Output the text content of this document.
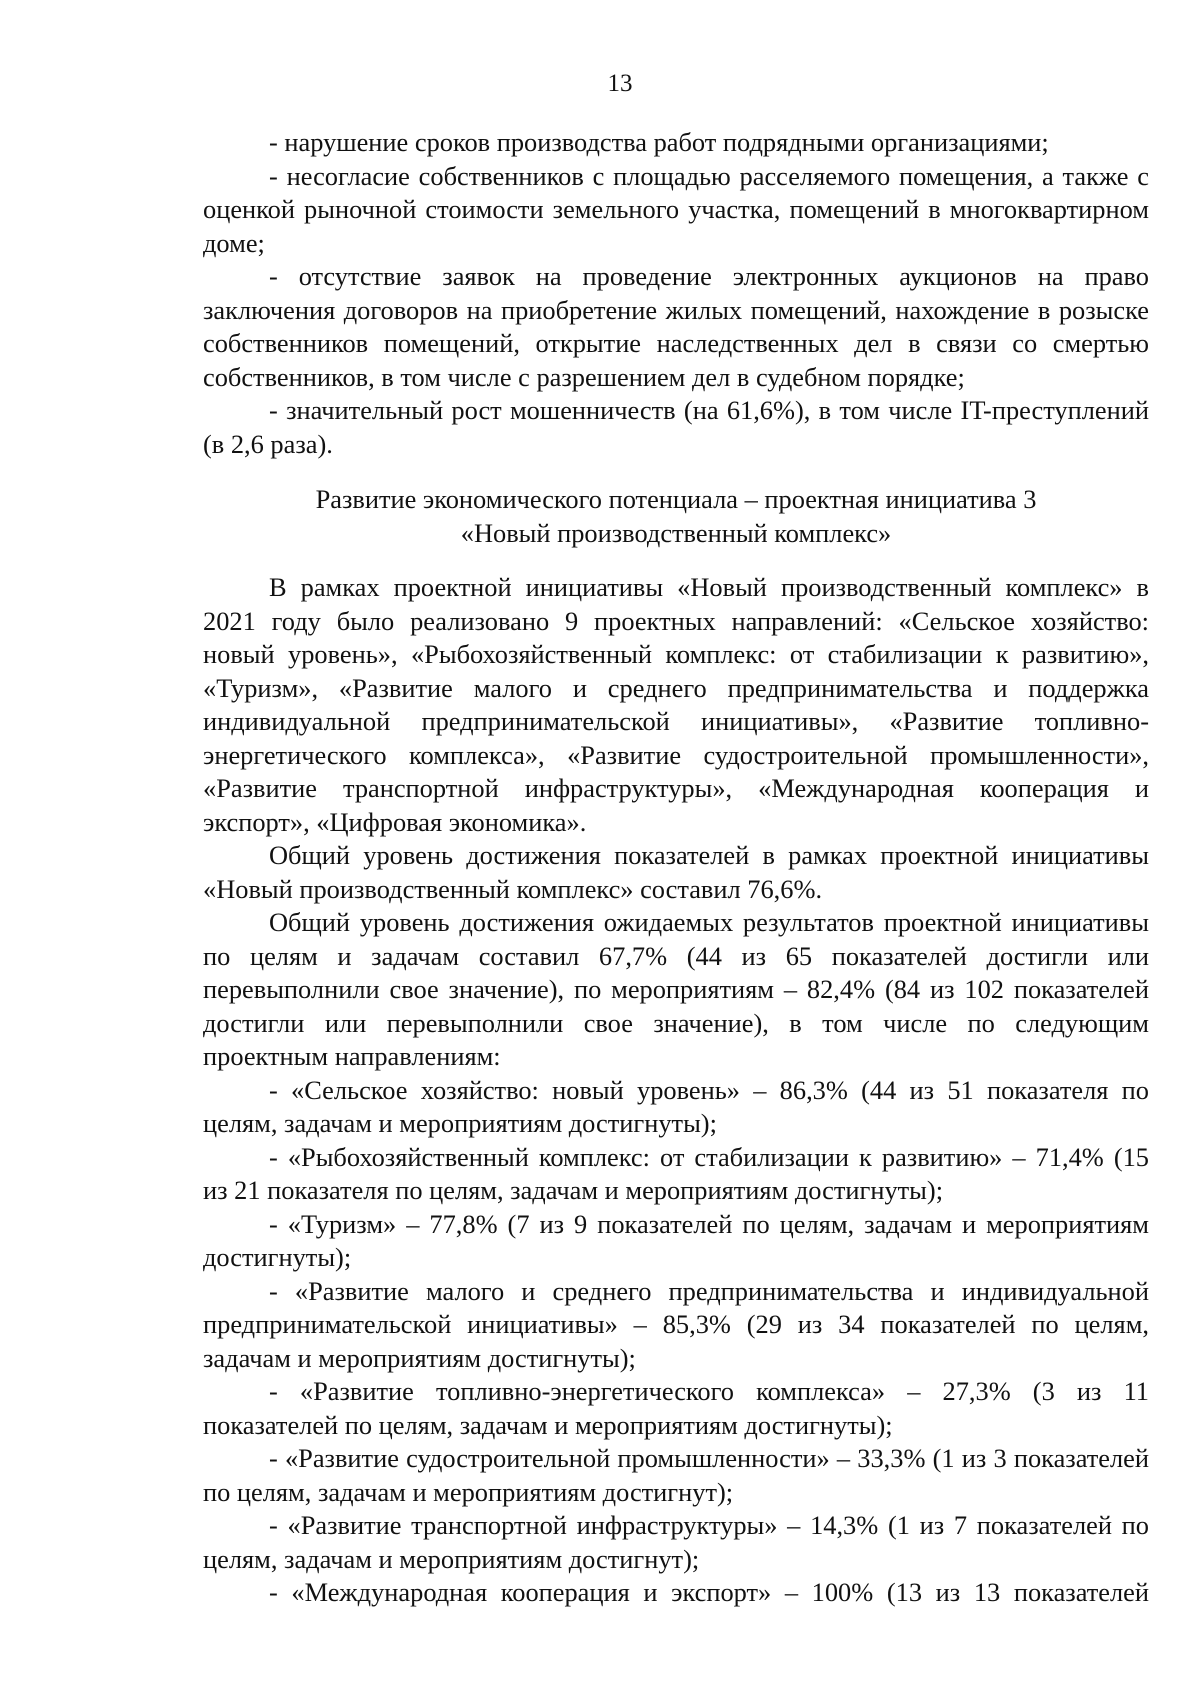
13

- нарушение сроков производства работ подрядными организациями;

- несогласие собственников с площадью расселяемого помещения, а также с оценкой рыночной стоимости земельного участка, помещений в многоквартирном доме;

- отсутствие заявок на проведение электронных аукционов на право заключения договоров на приобретение жилых помещений, нахождение в розыске собственников помещений, открытие наследственных дел в связи со смертью собственников, в том числе с разрешением дел в судебном порядке;

- значительный рост мошенничеств (на 61,6%), в том числе IT-преступлений (в 2,6 раза).

Развитие экономического потенциала – проектная инициатива 3
«Новый производственный комплекс»

В рамках проектной инициативы «Новый производственный комплекс» в 2021 году было реализовано 9 проектных направлений: «Сельское хозяйство: новый уровень», «Рыбохозяйственный комплекс: от стабилизации к развитию», «Туризм», «Развитие малого и среднего предпринимательства и поддержка индивидуальной предпринимательской инициативы», «Развитие топливно-энергетического комплекса», «Развитие судостроительной промышленности», «Развитие транспортной инфраструктуры», «Международная кооперация и экспорт», «Цифровая экономика».

Общий уровень достижения показателей в рамках проектной инициативы «Новый производственный комплекс» составил 76,6%.

Общий уровень достижения ожидаемых результатов проектной инициативы по целям и задачам составил 67,7% (44 из 65 показателей достигли или перевыполнили свое значение), по мероприятиям – 82,4% (84 из 102 показателей достигли или перевыполнили свое значение), в том числе по следующим проектным направлениям:

- «Сельское хозяйство: новый уровень» – 86,3% (44 из 51 показателя по целям, задачам и мероприятиям достигнуты);

- «Рыбохозяйственный комплекс: от стабилизации к развитию» – 71,4% (15 из 21 показателя по целям, задачам и мероприятиям достигнуты);

- «Туризм» – 77,8% (7 из 9 показателей по целям, задачам и мероприятиям достигнуты);

- «Развитие малого и среднего предпринимательства и индивидуальной предпринимательской инициативы» – 85,3% (29 из 34 показателей по целям, задачам и мероприятиям достигнуты);

- «Развитие топливно-энергетического комплекса» – 27,3% (3 из 11 показателей по целям, задачам и мероприятиям достигнуты);

- «Развитие судостроительной промышленности» – 33,3% (1 из 3 показателей по целям, задачам и мероприятиям достигнут);

- «Развитие транспортной инфраструктуры» – 14,3% (1 из 7 показателей по целям, задачам и мероприятиям достигнут);

- «Международная кооперация и экспорт» – 100% (13 из 13 показателей
